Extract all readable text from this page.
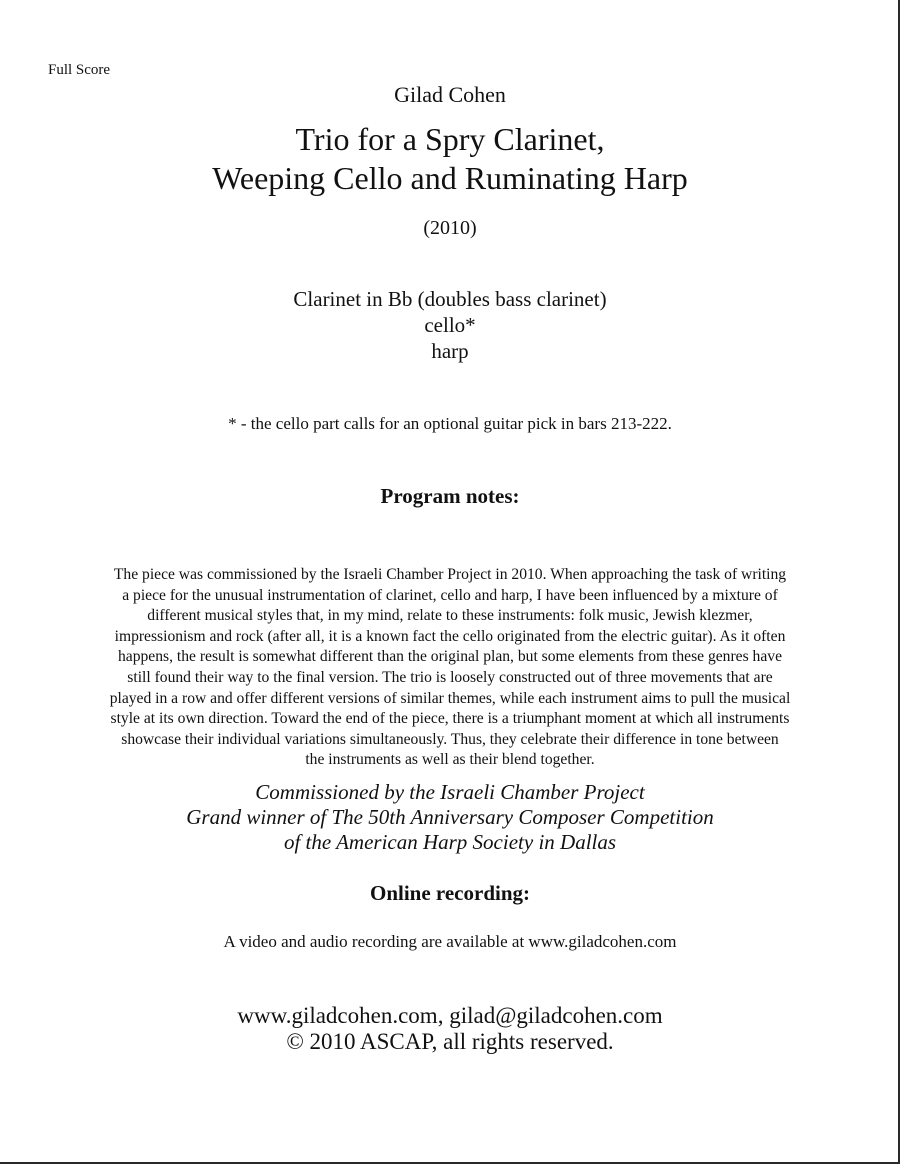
Full Score
Gilad Cohen
Trio for a Spry Clarinet,
Weeping Cello and Ruminating Harp
(2010)
Clarinet in Bb (doubles bass clarinet)
cello*
harp
* - the cello part calls for an optional guitar pick in bars 213-222.
Program notes:
The piece was commissioned by the Israeli Chamber Project in 2010. When approaching the task of writing
a piece for the unusual instrumentation of clarinet, cello and harp, I have been influenced by a mixture of
different musical styles that, in my mind, relate to these instruments: folk music, Jewish klezmer,
impressionism and rock (after all, it is a known fact the cello originated from the electric guitar). As it often
happens, the result is somewhat different than the original plan, but some elements from these genres have
still found their way to the final version. The trio is loosely constructed out of three movements that are
played in a row and offer different versions of similar themes, while each instrument aims to pull the musical
style at its own direction. Toward the end of the piece, there is a triumphant moment at which all instruments
showcase their individual variations simultaneously. Thus, they celebrate their difference in tone between
the instruments as well as their blend together.
Commissioned by the Israeli Chamber Project
Grand winner of The 50th Anniversary Composer Competition
of the American Harp Society in Dallas
Online recording:
A video and audio recording are available at www.giladcohen.com
www.giladcohen.com, gilad@giladcohen.com
© 2010 ASCAP, all rights reserved.
